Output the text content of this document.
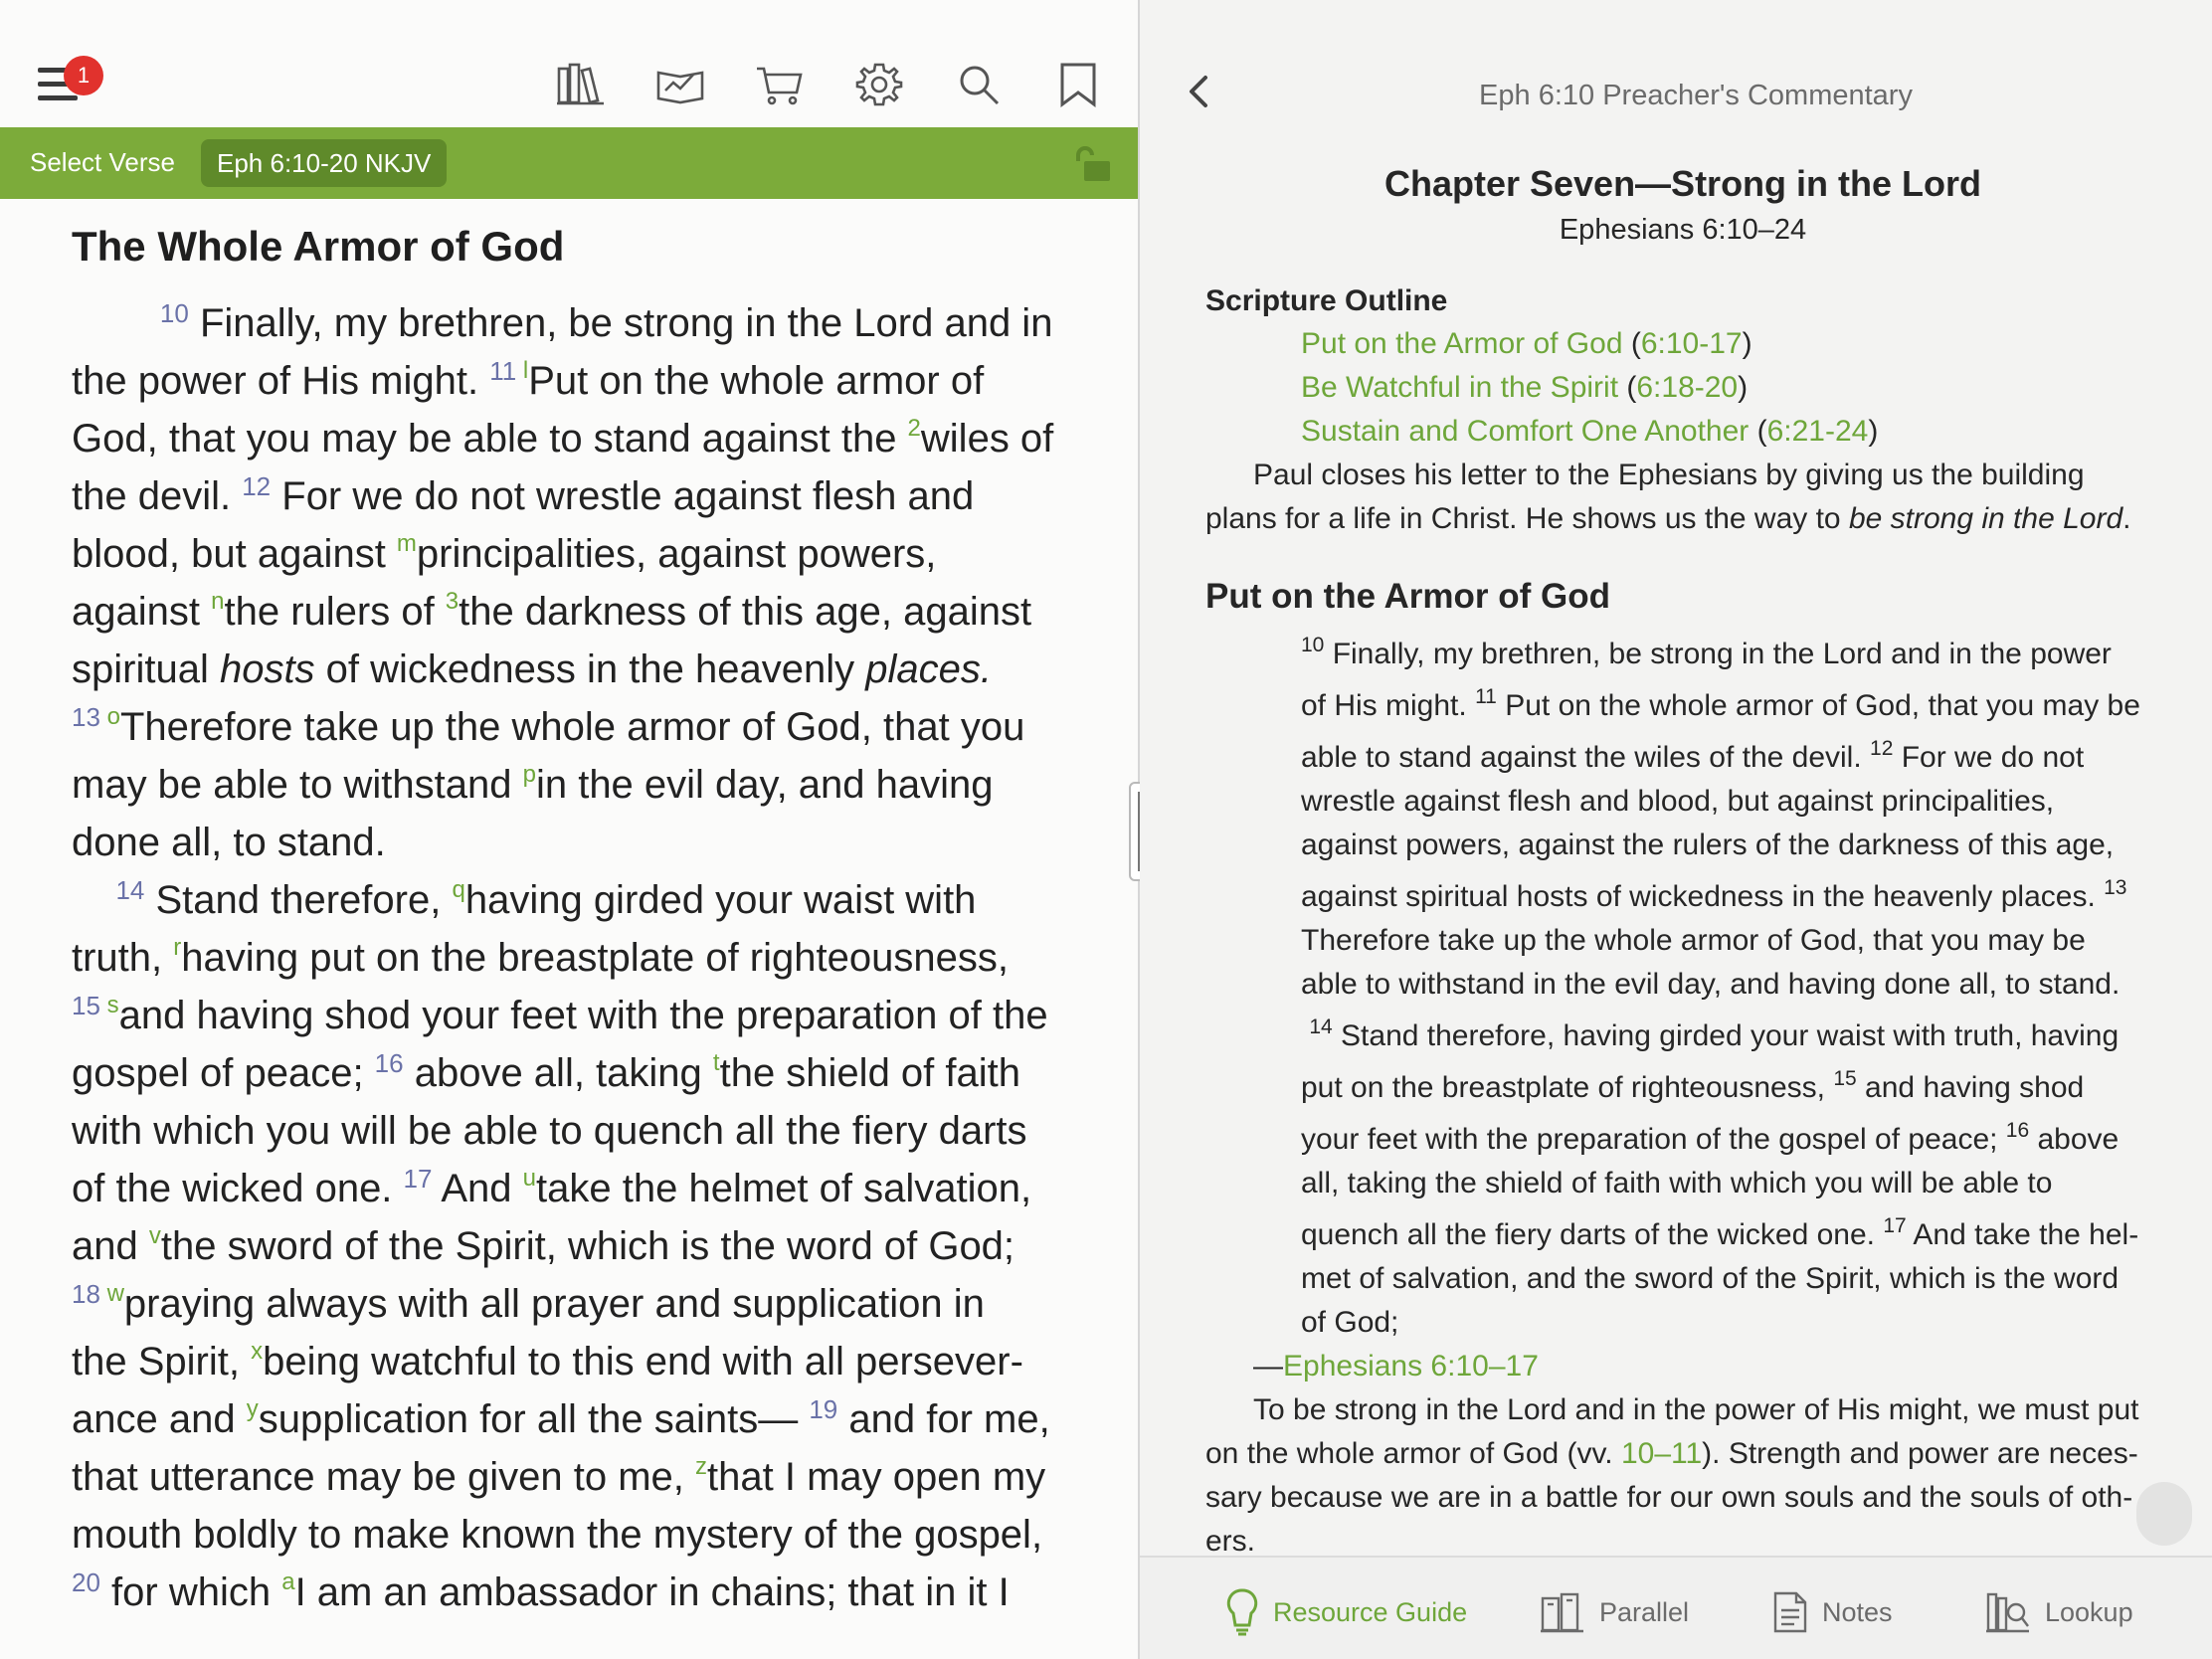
1
Select Verse	Eph 6:10-20 NKJV
The Whole Armor of God
$^{10}$ Finally, my brethren, be strong in the Lord and in
the power of His might. $^{11}$ $^l$Put on the whole armor of
God, that you may be able to stand against the $^2$wiles of
the devil. $^{12}$ For we do not wrestle against flesh and
blood, but against $^m$principalities, against powers,
against $^n$the rulers of $^3$the darkness of this age, against
spiritual hosts of wickedness in the heavenly places.
$^{13}$ $^o$Therefore take up the whole armor of God, that you
may be able to withstand $^p$in the evil day, and having
done all, to stand.
$^{14}$ Stand therefore, $^q$having girded your waist with
truth, $^r$having put on the breastplate of righteousness,
$^{15}$ $^s$and having shod your feet with the preparation of the
gospel of peace; $^{16}$ above all, taking $^t$the shield of faith
with which you will be able to quench all the fiery darts
of the wicked one. $^{17}$ And $^u$take the helmet of salvation,
and $^v$the sword of the Spirit, which is the word of God;
$^{18}$ $^w$praying always with all prayer and supplication in
the Spirit, $^x$being watchful to this end with all persever-
ance and $^y$supplication for all the saints— $^{19}$ and for me,
that utterance may be given to me, $^z$that I may open my
mouth boldly to make known the mystery of the gospel,
$^{20}$ for which $^a$I am an ambassador in chains; that in it I
Eph 6:10 Preacher's Commentary
Chapter Seven—Strong in the Lord
Ephesians 6:10–24
Scripture Outline
Put on the Armor of God (6:10-17)
Be Watchful in the Spirit (6:18-20)
Sustain and Comfort One Another (6:21-24)
Paul closes his letter to the Ephesians by giving us the building
plans for a life in Christ. He shows us the way to be strong in the Lord.
Put on the Armor of God
$^{10}$ Finally, my brethren, be strong in the Lord and in the power
of His might. $^{11}$ Put on the whole armor of God, that you may be
able to stand against the wiles of the devil. $^{12}$ For we do not
wrestle against flesh and blood, but against principalities,
against powers, against the rulers of the darkness of this age,
against spiritual hosts of wickedness in the heavenly places. $^{13}$
Therefore take up the whole armor of God, that you may be
able to withstand in the evil day, and having done all, to stand.
$^{14}$ Stand therefore, having girded your waist with truth, having
put on the breastplate of righteousness, $^{15}$ and having shod
your feet with the preparation of the gospel of peace; $^{16}$ above
all, taking the shield of faith with which you will be able to
quench all the fiery darts of the wicked one. $^{17}$ And take the hel-
met of salvation, and the sword of the Spirit, which is the word
of God;
—Ephesians 6:10–17
To be strong in the Lord and in the power of His might, we must put
on the whole armor of God (vv. 10–11). Strength and power are neces-
sary because we are in a battle for our own souls and the souls of oth-
ers.
Resource Guide	Parallel	Notes	Lookup
